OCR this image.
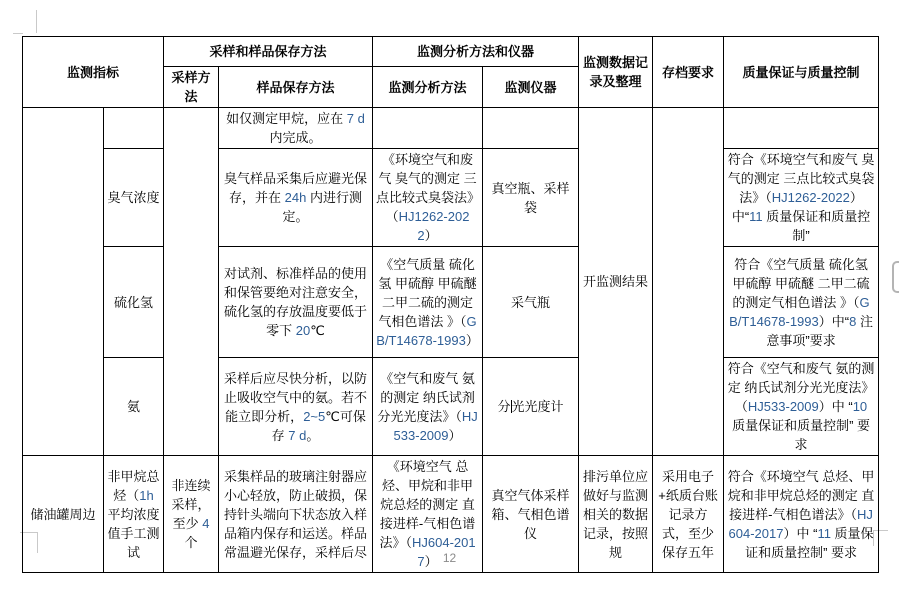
监测指标		采样和样品保存方法		监测分析方法和仪器		监测数据记录及整理	存档要求	质量保证与质量控制
		采样方法	样品保存方法	监测分析方法	监测仪器			
			如仅测定甲烷，应在 7 d 内完成。			开监测结果		
	臭气浓度		臭气样品采集后应避光保存，并在 24h 内进行测定。	《环境空气和废气 臭气的测定 三点比较式臭袋法》（HJ1262-2022）	真空瓶、采样袋			符合《环境空气和废气 臭气的测定 三点比较式臭袋法》（HJ1262-2022）中“11 质量保证和质量控制”
	硫化氢		对试剂、标准样品的使用和保管要绝对注意安全，硫化氢的存放温度要低于零下 20℃	《空气质量 硫化氢 甲硫醇 甲硫醚 二甲二硫的测定气相色谱法 》（GB/T14678-1993）	采气瓶			符合《空气质量 硫化氢 甲硫醇 甲硫醚 二甲二硫的测定气相色谱法 》（GB/T14678-1993）中“8 注意事项”要求
	氨		采样后应尽快分析，以防止吸收空气中的氨。若不能立即分析，2~5℃可保存 7 d。	《空气和废气 氨的测定 纳氏试剂分光光度法》（HJ 533-2009）	分光光度计			符合《空气和废气 氨的测定 纳氏试剂分光光度法》（HJ533-2009）中 “10 质量保证和质量控制” 要求
储油罐周边	非甲烷总烃（1h 平均浓度值手工测试	非连续采样，至少 4 个	采集样品的玻璃注射器应小心轻放，防止破损，保持针头端向下状态放入样品箱内保存和运送。样品常温避光保存，采样后尽	《环境空气 总烃、甲烷和非甲烷总烃的测定 直接进样-气相色谱法》（HJ604-2017）	真空气体采样箱、气相色谱仪	排污单位应做好与监测相关的数据记录，按照规	采用电子+纸质台账记录方式，至少保存五年	符合《环境空气 总烃、甲烷和非甲烷总烃的测定 直接进样-气相色谱法》（HJ604-2017）中 “11 质量保证和质量控制” 要求
12
